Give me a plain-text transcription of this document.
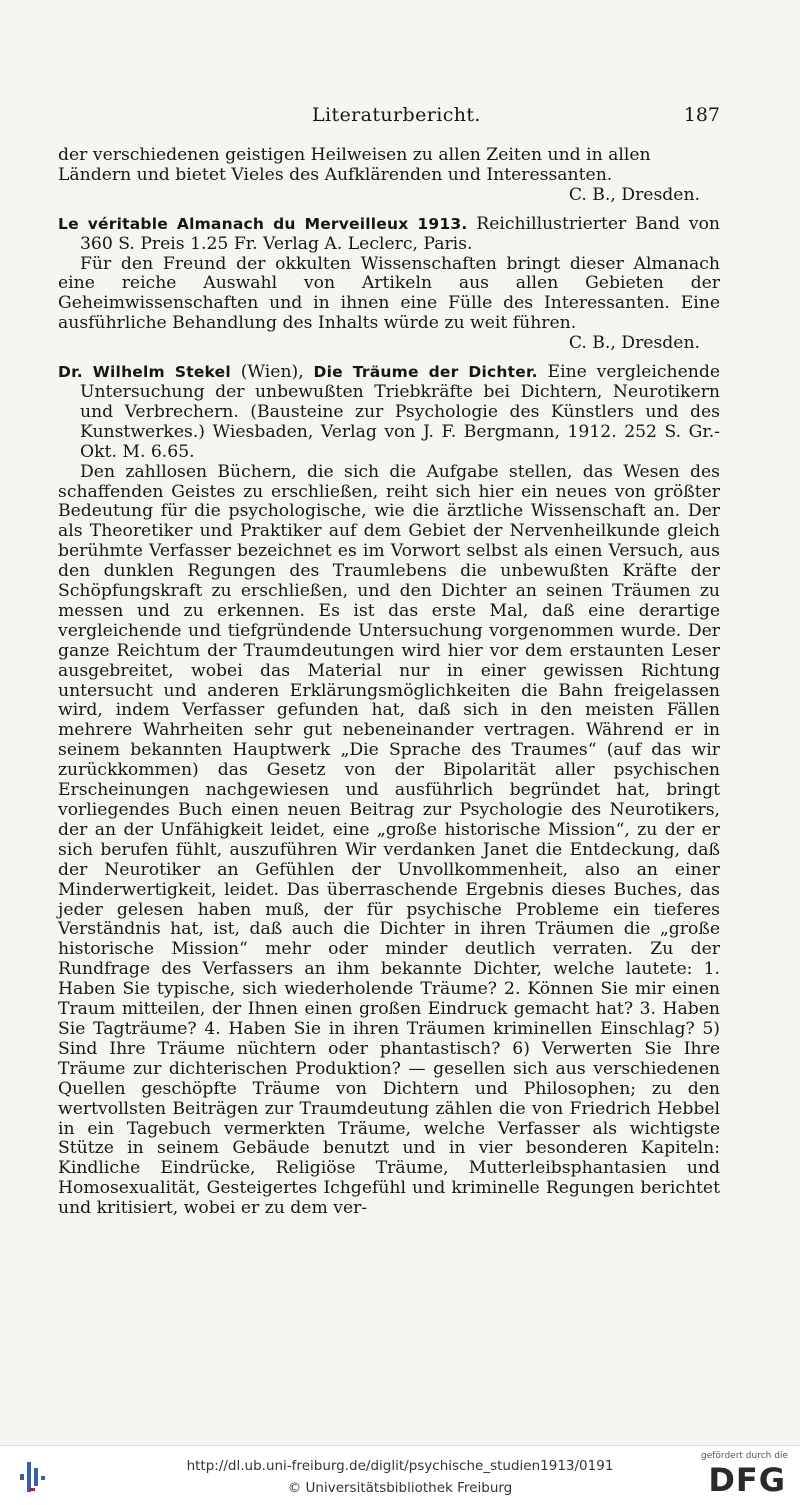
Literaturbericht.	187

der verschiedenen geistigen Heilweisen zu allen Zeiten und in allen

Ländern und bietet Vieles des Aufklärenden und Interessanten.

C. B., Dresden.

Le véritable Almanach du Merveilleux 1913. Reichillustrierter Band von 360 S. Preis 1.25 Fr. Verlag A. Leclerc, Paris.

Für den Freund der okkulten Wissenschaften bringt dieser Almanach eine reiche Auswahl von Artikeln aus allen Gebieten der Geheimwissenschaften und in ihnen eine Fülle des Interessanten. Eine ausführliche Behandlung des Inhalts würde zu weit führen.

C. B., Dresden.

Dr. Wilhelm Stekel (Wien), Die Träume der Dichter. Eine vergleichende Untersuchung der unbewußten Triebkräfte bei Dichtern, Neurotikern und Verbrechern. (Bausteine zur Psychologie des Künstlers und des Kunstwerkes.) Wiesbaden, Verlag von J. F. Bergmann, 1912. 252 S. Gr.-Okt. M. 6.65.

Den zahllosen Büchern, die sich die Aufgabe stellen, das Wesen des schaffenden Geistes zu erschließen, reiht sich hier ein neues von größter Bedeutung für die psychologische, wie die ärztliche Wissenschaft an. Der als Theoretiker und Praktiker auf dem Gebiet der Nervenheilkunde gleich berühmte Verfasser bezeichnet es im Vorwort selbst als einen Versuch, aus den dunklen Regungen des Traumlebens die unbewußten Kräfte der Schöpfungskraft zu erschließen, und den Dichter an seinen Träumen zu messen und zu erkennen. Es ist das erste Mal, daß eine derartige vergleichende und tiefgründende Untersuchung vorgenommen wurde. Der ganze Reichtum der Traumdeutungen wird hier vor dem erstaunten Leser ausgebreitet, wobei das Material nur in einer gewissen Richtung untersucht und anderen Erklärungsmöglichkeiten die Bahn freigelassen wird, indem Verfasser gefunden hat, daß sich in den meisten Fällen mehrere Wahrheiten sehr gut nebeneinander vertragen. Während er in seinem bekannten Hauptwerk „Die Sprache des Traumes“ (auf das wir zurückkommen) das Gesetz von der Bipolarität aller psychischen Erscheinungen nachgewiesen und ausführlich begründet hat, bringt vorliegendes Buch einen neuen Beitrag zur Psychologie des Neurotikers, der an der Unfähigkeit leidet, eine „große historische Mission“, zu der er sich berufen fühlt, auszuführen Wir verdanken Janet die Entdeckung, daß der Neurotiker an Gefühlen der Unvollkommenheit, also an einer Minderwertigkeit, leidet. Das überraschende Ergebnis dieses Buches, das jeder gelesen haben muß, der für psychische Probleme ein tieferes Verständnis hat, ist, daß auch die Dichter in ihren Träumen die „große historische Mission“ mehr oder minder deutlich verraten. Zu der Rundfrage des Verfassers an ihm bekannte Dichter, welche lautete: 1. Haben Sie typische, sich wiederholende Träume? 2. Können Sie mir einen Traum mitteilen, der Ihnen einen großen Eindruck gemacht hat? 3. Haben Sie Tagträume? 4. Haben Sie in ihren Träumen kriminellen Einschlag? 5) Sind Ihre Träume nüchtern oder phantastisch? 6) Verwerten Sie Ihre Träume zur dichterischen Produktion? — gesellen sich aus verschiedenen Quellen geschöpfte Träume von Dichtern und Philosophen; zu den wertvollsten Beiträgen zur Traumdeutung zählen die von Friedrich Hebbel in ein Tagebuch vermerkten Träume, welche Verfasser als wichtigste Stütze in seinem Gebäude benutzt und in vier besonderen Kapiteln: Kindliche Eindrücke, Religiöse Träume, Mutterleibsphantasien und Homosexualität, Gesteigertes Ichgefühl und kriminelle Regungen berichtet und kritisiert, wobei er zu dem ver-

http://dl.ub.uni-freiburg.de/diglit/psychische_studien1913/0191
© Universitätsbibliothek Freiburg
gefördert durch die
DFG
